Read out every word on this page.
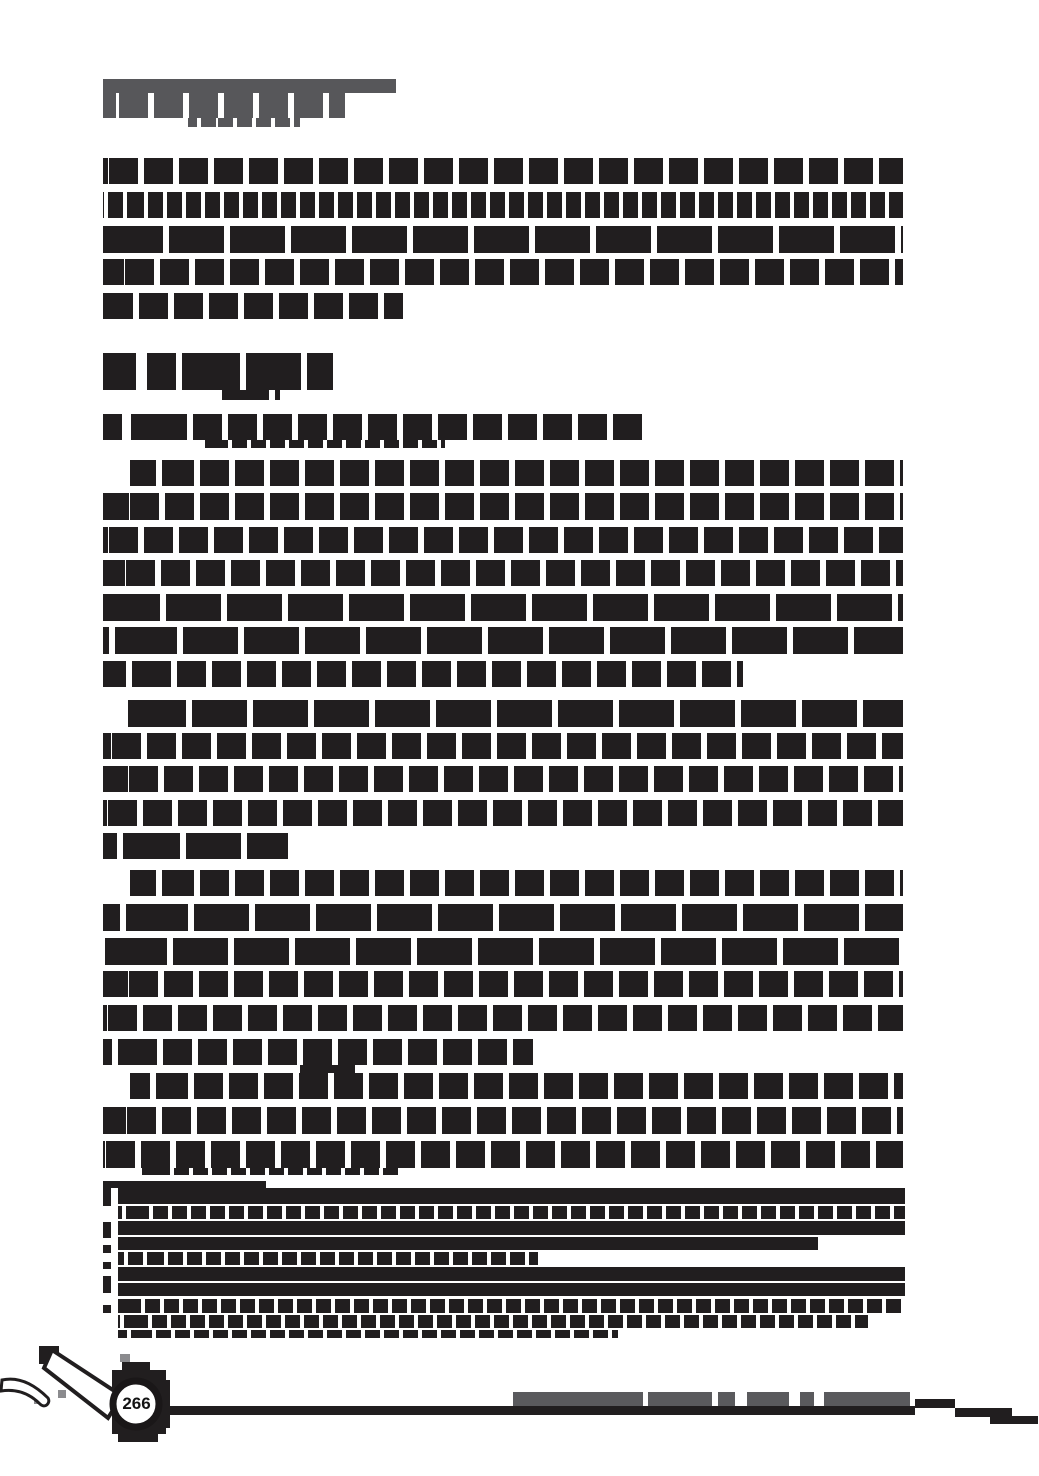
266
